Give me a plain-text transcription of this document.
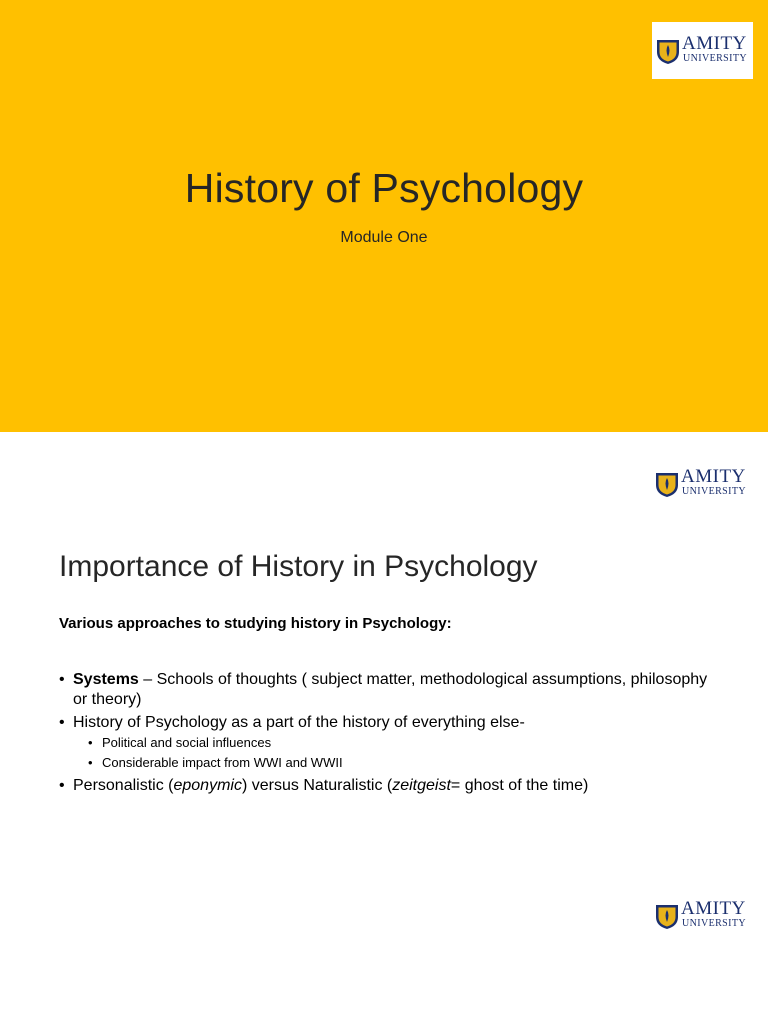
AMITY
UNIVERSITY
History of Psychology
Module One
AMITY
UNIVERSITY
Importance of History in Psychology
Various approaches to studying history in Psychology:
• Systems – Schools of thoughts ( subject matter, methodological assumptions, philosophy or theory)
• History of Psychology as a part of the history of everything else-
• Political and social influences
• Considerable impact from WWI and WWII
• Personalistic (eponymic) versus Naturalistic (zeitgeist= ghost of the time)
AMITY
UNIVERSITY
